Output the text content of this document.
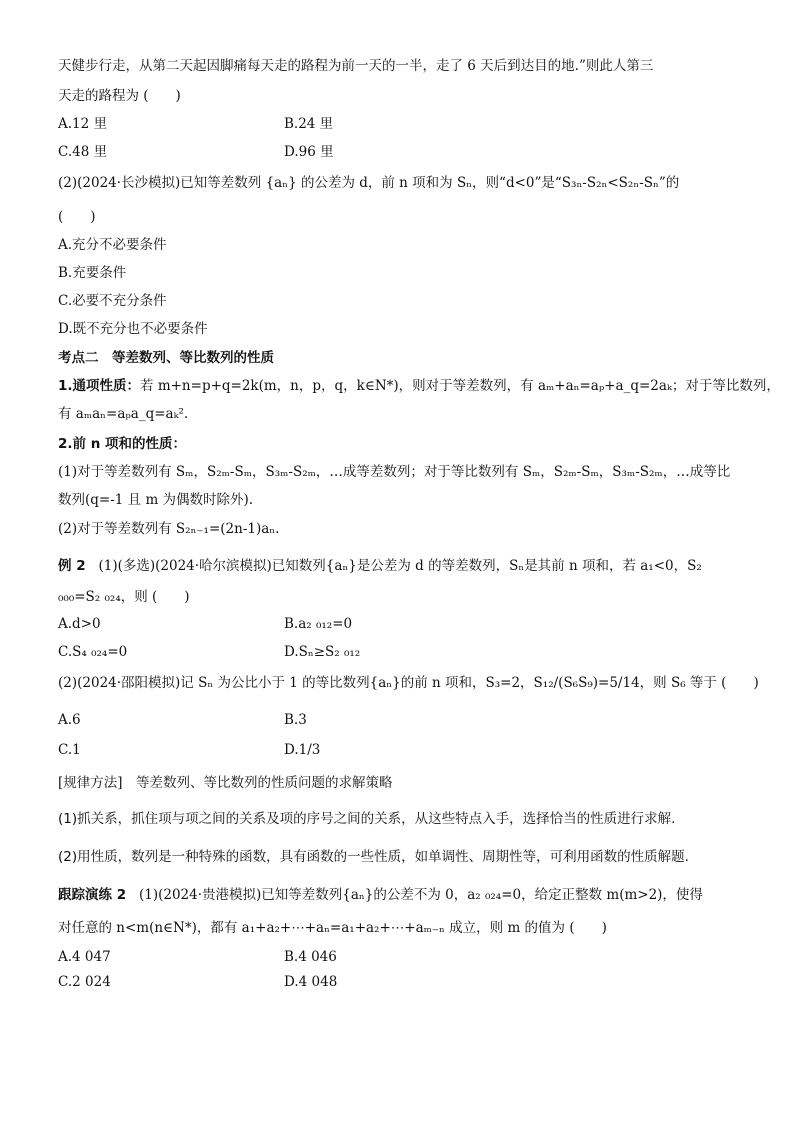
天健步行走，从第二天起因脚痛每天走的路程为前一天的一半，走了 6 天后到达目的地.”则此人第三
天走的路程为 (　　)
A.12 里	B.24 里
C.48 里	D.96 里
(2)(2024·长沙模拟)已知等差数列 {aₙ} 的公差为 d，前 n 项和为 Sₙ，则“d<0”是“S₃ₙ-S₂ₙ<S₂ₙ-Sₙ”的
(　　)
A.充分不必要条件
B.充要条件
C.必要不充分条件
D.既不充分也不必要条件
考点二　等差数列、等比数列的性质
1.通项性质：若 m+n=p+q=2k(m，n，p，q，k∈N*)，则对于等差数列，有 aₘ+aₙ=aₚ+a_q=2aₖ；对于等比数列，
有 aₘaₙ=aₚa_q=aₖ².
2.前 n 项和的性质：
(1)对于等差数列有 Sₘ，S₂ₘ-Sₘ，S₃ₘ-S₂ₘ，…成等差数列；对于等比数列有 Sₘ，S₂ₘ-Sₘ，S₃ₘ-S₂ₘ，…成等比
数列(q=-1 且 m 为偶数时除外).
(2)对于等差数列有 S₂ₙ₋₁=(2n-1)aₙ.
例 2 (1)(多选)(2024·哈尔滨模拟)已知数列{aₙ}是公差为 d 的等差数列，Sₙ是其前 n 项和，若 a₁<0，S₂
₀₀₀=S₂ ₀₂₄，则 (　　)
A.d>0	B.a₂ ₀₁₂=0
C.S₄ ₀₂₄=0	D.Sₙ≥S₂ ₀₁₂
(2)(2024·邵阳模拟)记 Sₙ 为公比小于 1 的等比数列{aₙ}的前 n 项和，S₃=2，S₁₂/(S₆S₉)=5/14，则 S₆ 等于 (　　)
A.6	B.3
C.1	D.1/3
[规律方法]　等差数列、等比数列的性质问题的求解策略
(1)抓关系，抓住项与项之间的关系及项的序号之间的关系，从这些特点入手，选择恰当的性质进行求解.
(2)用性质，数列是一种特殊的函数，具有函数的一些性质，如单调性、周期性等，可利用函数的性质解题.
跟踪演练 2 (1)(2024·贵港模拟)已知等差数列{aₙ}的公差不为 0，a₂ ₀₂₄=0，给定正整数 m(m>2)，使得
对任意的 n<m(n∈N*)，都有 a₁+a₂+⋯+aₙ=a₁+a₂+⋯+aₘ₋ₙ 成立，则 m 的值为 (　　)
A.4 047	B.4 046
C.2 024	D.4 048
